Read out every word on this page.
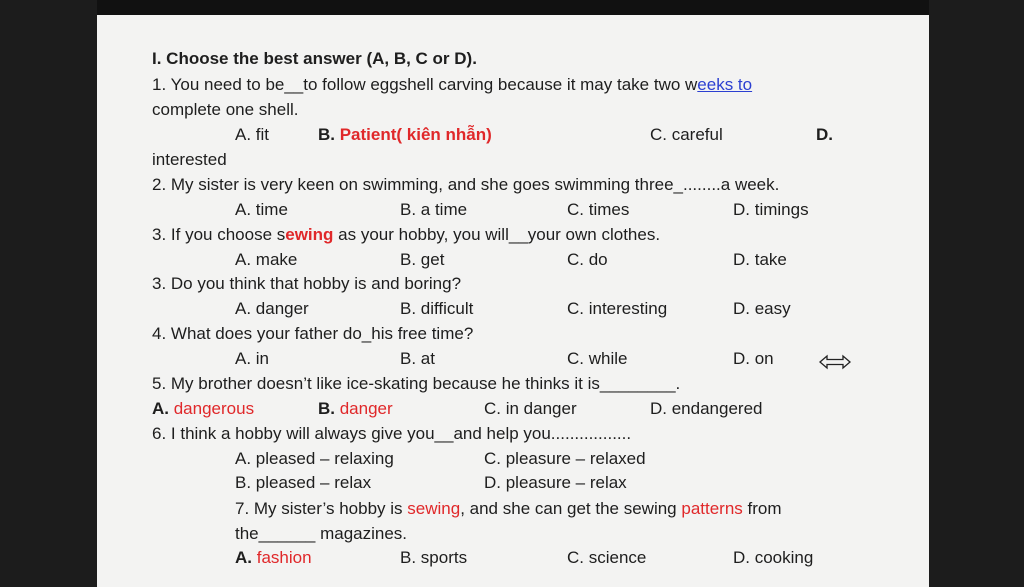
I. Choose the best answer (A, B, C or D).
1. You need to be__to follow eggshell carving because it may take two weeks to
complete one shell.
A. fit	B. Patient( kiên nhẫn)	C. careful	D.
interested
2. My sister is very keen on swimming, and she goes swimming three_........a week.
A. time	B. a time	C. times	D. timings
3. If you choose sewing as your hobby, you will__your own clothes.
A. make	B. get	C. do	D. take
3. Do you think that hobby is and boring?
A. danger	B. difficult	C. interesting	D. easy
4. What does your father do_his free time?
A. in	B. at	C. while	D. on
5. My brother doesn’t like ice-skating because he thinks it is________.
A. dangerous	B. danger	C. in danger	D. endangered
6. I think a hobby will always give you__and help you.................
A. pleased – relaxing	C. pleasure – relaxed
B. pleased – relax	D. pleasure – relax
7. My sister’s hobby is sewing, and she can get the sewing patterns from
the______ magazines.
A. fashion	B. sports	C. science	D. cooking
